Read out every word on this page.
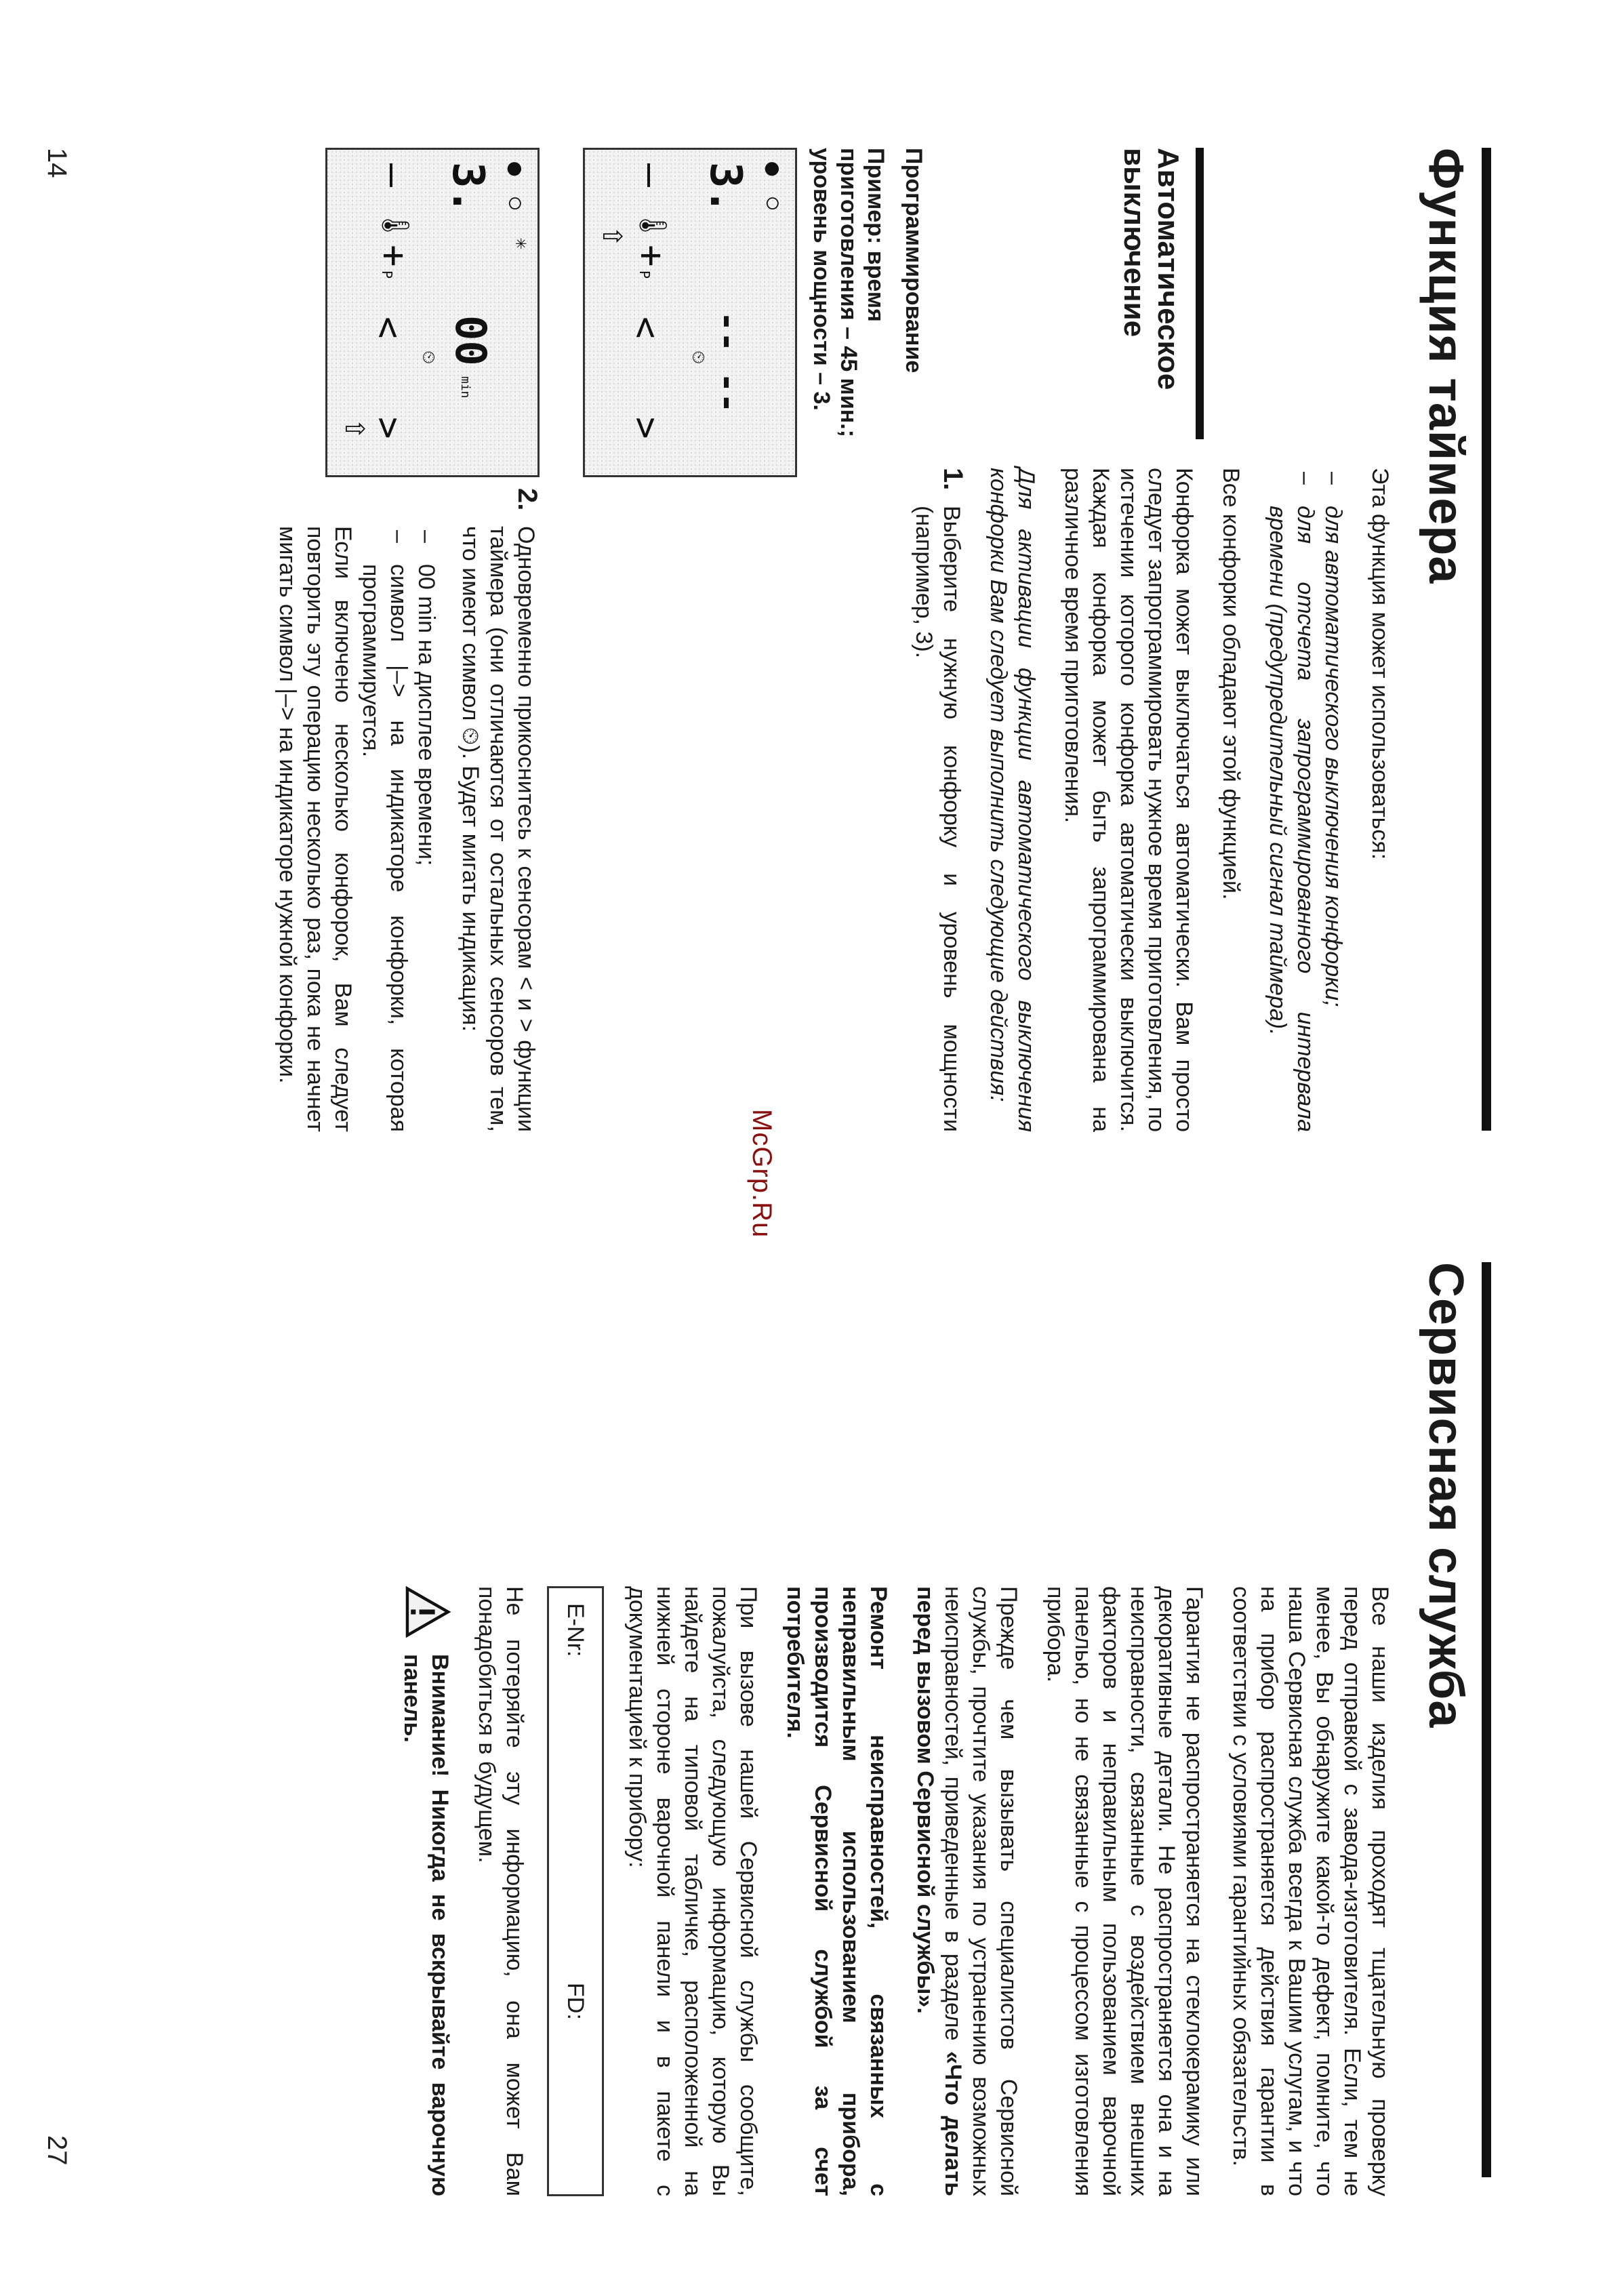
Функция таймера

Эта функция может использоваться:

– для автоматического выключения конфорки;
– для отсчета запрограммированного интервала времени (предупредительный сигнал таймера).

Все конфорки обладают этой функцией.

Конфорка может выключаться автоматически. Вам просто следует запрограммировать нужное время приготовления, по истечении которого конфорка автоматически выключится. Каждая конфорка может быть запрограммирована на различное время приготовления.

Для активации функции автоматического выключения конфорки Вам следует выполнить следующие действия:

1.
Выберите нужную конфорку и уровень мощности (например, 3).
Автоматическое выключение
Программирование
Пример: время приготовления – 45 мин.; уровень мощности – 3.
●
○
3.
–
🌡
+
P
⇧
-- --
⏲
<
>
●
○
✳
3.
–
🌡
+
P
00
min
⏲
<
>
⇧
2.
Одновременно прикоснитесь к сенсорам < и > функции таймера (они отличаются от остальных сенсоров тем, что имеют символ ⏲). Будет мигать индикация:
– 00 min на дисплее времени;
– символ |–> на индикаторе конфорки, которая программируется.

Если включено несколько конфорок, Вам следует повторить эту операцию несколько раз, пока не начнет мигать символ |–> на индикаторе нужной конфорки.

14
McGrp.Ru
Сервисная служба

Все наши изделия проходят тщательную проверку перед отправкой с завода-изготовителя. Если, тем не менее, Вы обнаружите какой-то дефект, помните, что наша Сервисная служба всегда к Вашим услугам, и что на прибор распространяется действия гарантии в соответствии с условиями гарантийных обязательств.

Гарантия не распространяется на стеклокерамику или декоративные детали. Не распространяется она и на неисправности, связанные с воздействием внешних факторов и неправильным пользованием варочной панелью, но не связанные с процессом изготовления прибора.

Прежде чем вызывать специалистов Сервисной службы, прочтите указания по устранению возможных неисправностей, приведенные в разделе «Что делать перед вызовом Сервисной службы».

Ремонт неисправностей, связанных с неправильным использованием прибора, производится Сервисной службой за счет потребителя.

При вызове нашей Сервисной службы сообщите, пожалуйста, следующую информацию, которую Вы найдете на типовой табличке, расположенной на нижней стороне варочной панели и в пакете с документацией к прибору:

E-Nr:
FD:

Не потеряйте эту информацию, она может Вам понадобиться в будущем.

Внимание! Никогда не вскрывайте варочную панель.
27
